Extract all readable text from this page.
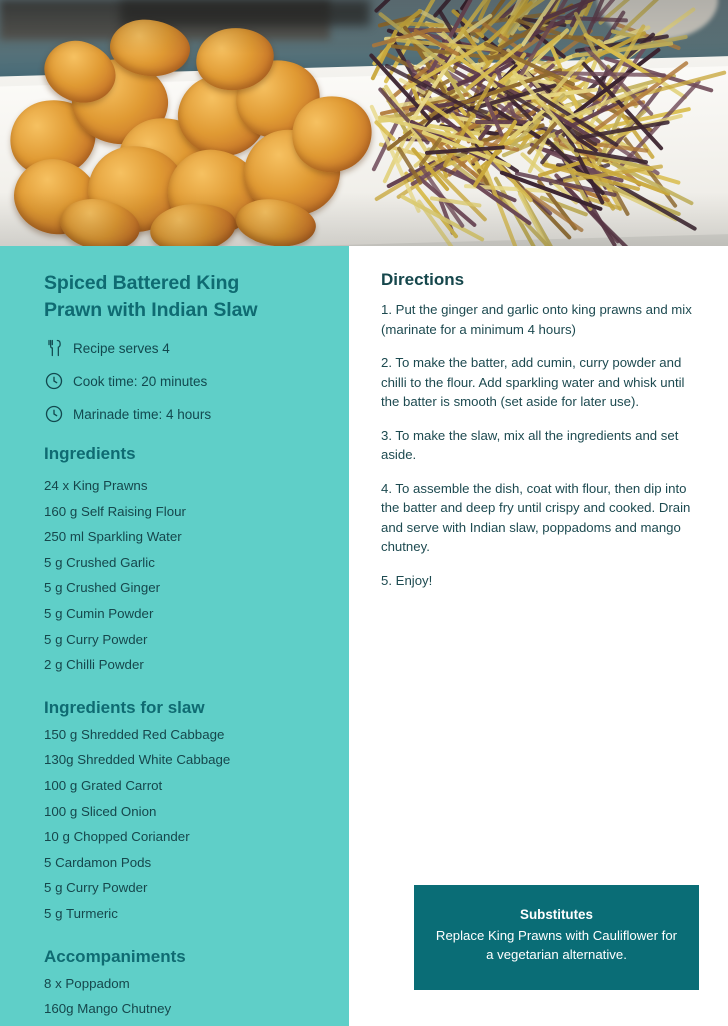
Spiced Battered King Prawn with Indian Slaw
Recipe serves 4
Cook time: 20 minutes
Marinade time: 4 hours
Ingredients
24 x King Prawns
160 g Self Raising Flour
250 ml Sparkling Water
5 g Crushed Garlic
5 g Crushed Ginger
5 g Cumin Powder
5 g Curry Powder
2 g Chilli Powder
Ingredients for slaw
150 g Shredded Red Cabbage
130g Shredded White Cabbage
100 g Grated Carrot
100 g Sliced Onion
10 g Chopped Coriander
5 Cardamon Pods
5 g Curry Powder
5 g Turmeric
Accompaniments
8 x Poppadom
160g Mango Chutney
Directions
1. Put the ginger and garlic onto king prawns and mix (marinate for a minimum 4 hours)
2. To make the batter, add cumin, curry powder and chilli to the flour. Add sparkling water and whisk until the batter is smooth (set aside for later use).
3. To make the slaw, mix all the ingredients and set aside.
4. To assemble the dish, coat with flour, then dip into the batter and deep fry until crispy and cooked. Drain and serve with Indian slaw, poppadoms and mango chutney.
5. Enjoy!
Substitutes
Replace King Prawns with Cauliflower for a vegetarian alternative.
